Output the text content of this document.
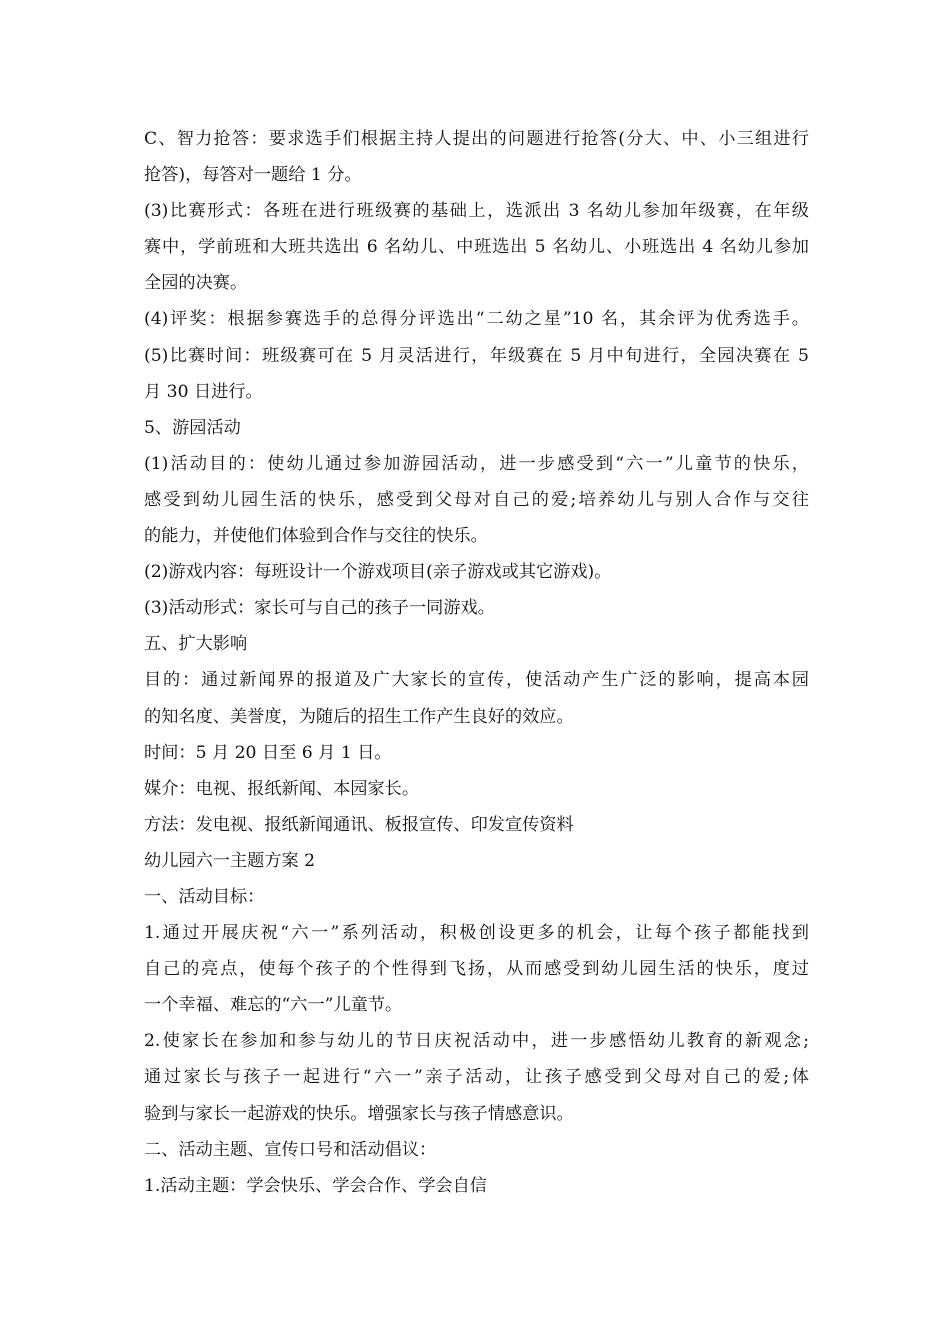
C、智力抢答：要求选手们根据主持人提出的问题进行抢答(分大、中、小三组进行
抢答)，每答对一题给 1 分。
(3)比赛形式：各班在进行班级赛的基础上，选派出 3 名幼儿参加年级赛，在年级
赛中，学前班和大班共选出 6 名幼儿、中班选出 5 名幼儿、小班选出 4 名幼儿参加
全园的决赛。
(4)评奖：根据参赛选手的总得分评选出“二幼之星”10 名，其余评为优秀选手。
(5)比赛时间：班级赛可在 5 月灵活进行，年级赛在 5 月中旬进行，全园决赛在 5
月 30 日进行。
5、游园活动
(1)活动目的：使幼儿通过参加游园活动，进一步感受到“六一”儿童节的快乐，
感受到幼儿园生活的快乐，感受到父母对自己的爱;培养幼儿与别人合作与交往
的能力，并使他们体验到合作与交往的快乐。
(2)游戏内容：每班设计一个游戏项目(亲子游戏或其它游戏)。
(3)活动形式：家长可与自己的孩子一同游戏。
五、扩大影响
目的：通过新闻界的报道及广大家长的宣传，使活动产生广泛的影响，提高本园
的知名度、美誉度，为随后的招生工作产生良好的效应。
时间：5 月 20 日至 6 月 1 日。
媒介：电视、报纸新闻、本园家长。
方法：发电视、报纸新闻通讯、板报宣传、印发宣传资料
幼儿园六一主题方案 2
一、活动目标：
1.通过开展庆祝“六一”系列活动，积极创设更多的机会，让每个孩子都能找到
自己的亮点，使每个孩子的个性得到飞扬，从而感受到幼儿园生活的快乐，度过
一个幸福、难忘的“六一”儿童节。
2.使家长在参加和参与幼儿的节日庆祝活动中，进一步感悟幼儿教育的新观念;
通过家长与孩子一起进行“六一”亲子活动，让孩子感受到父母对自己的爱;体
验到与家长一起游戏的快乐。增强家长与孩子情感意识。
二、活动主题、宣传口号和活动倡议：
1.活动主题：学会快乐、学会合作、学会自信
